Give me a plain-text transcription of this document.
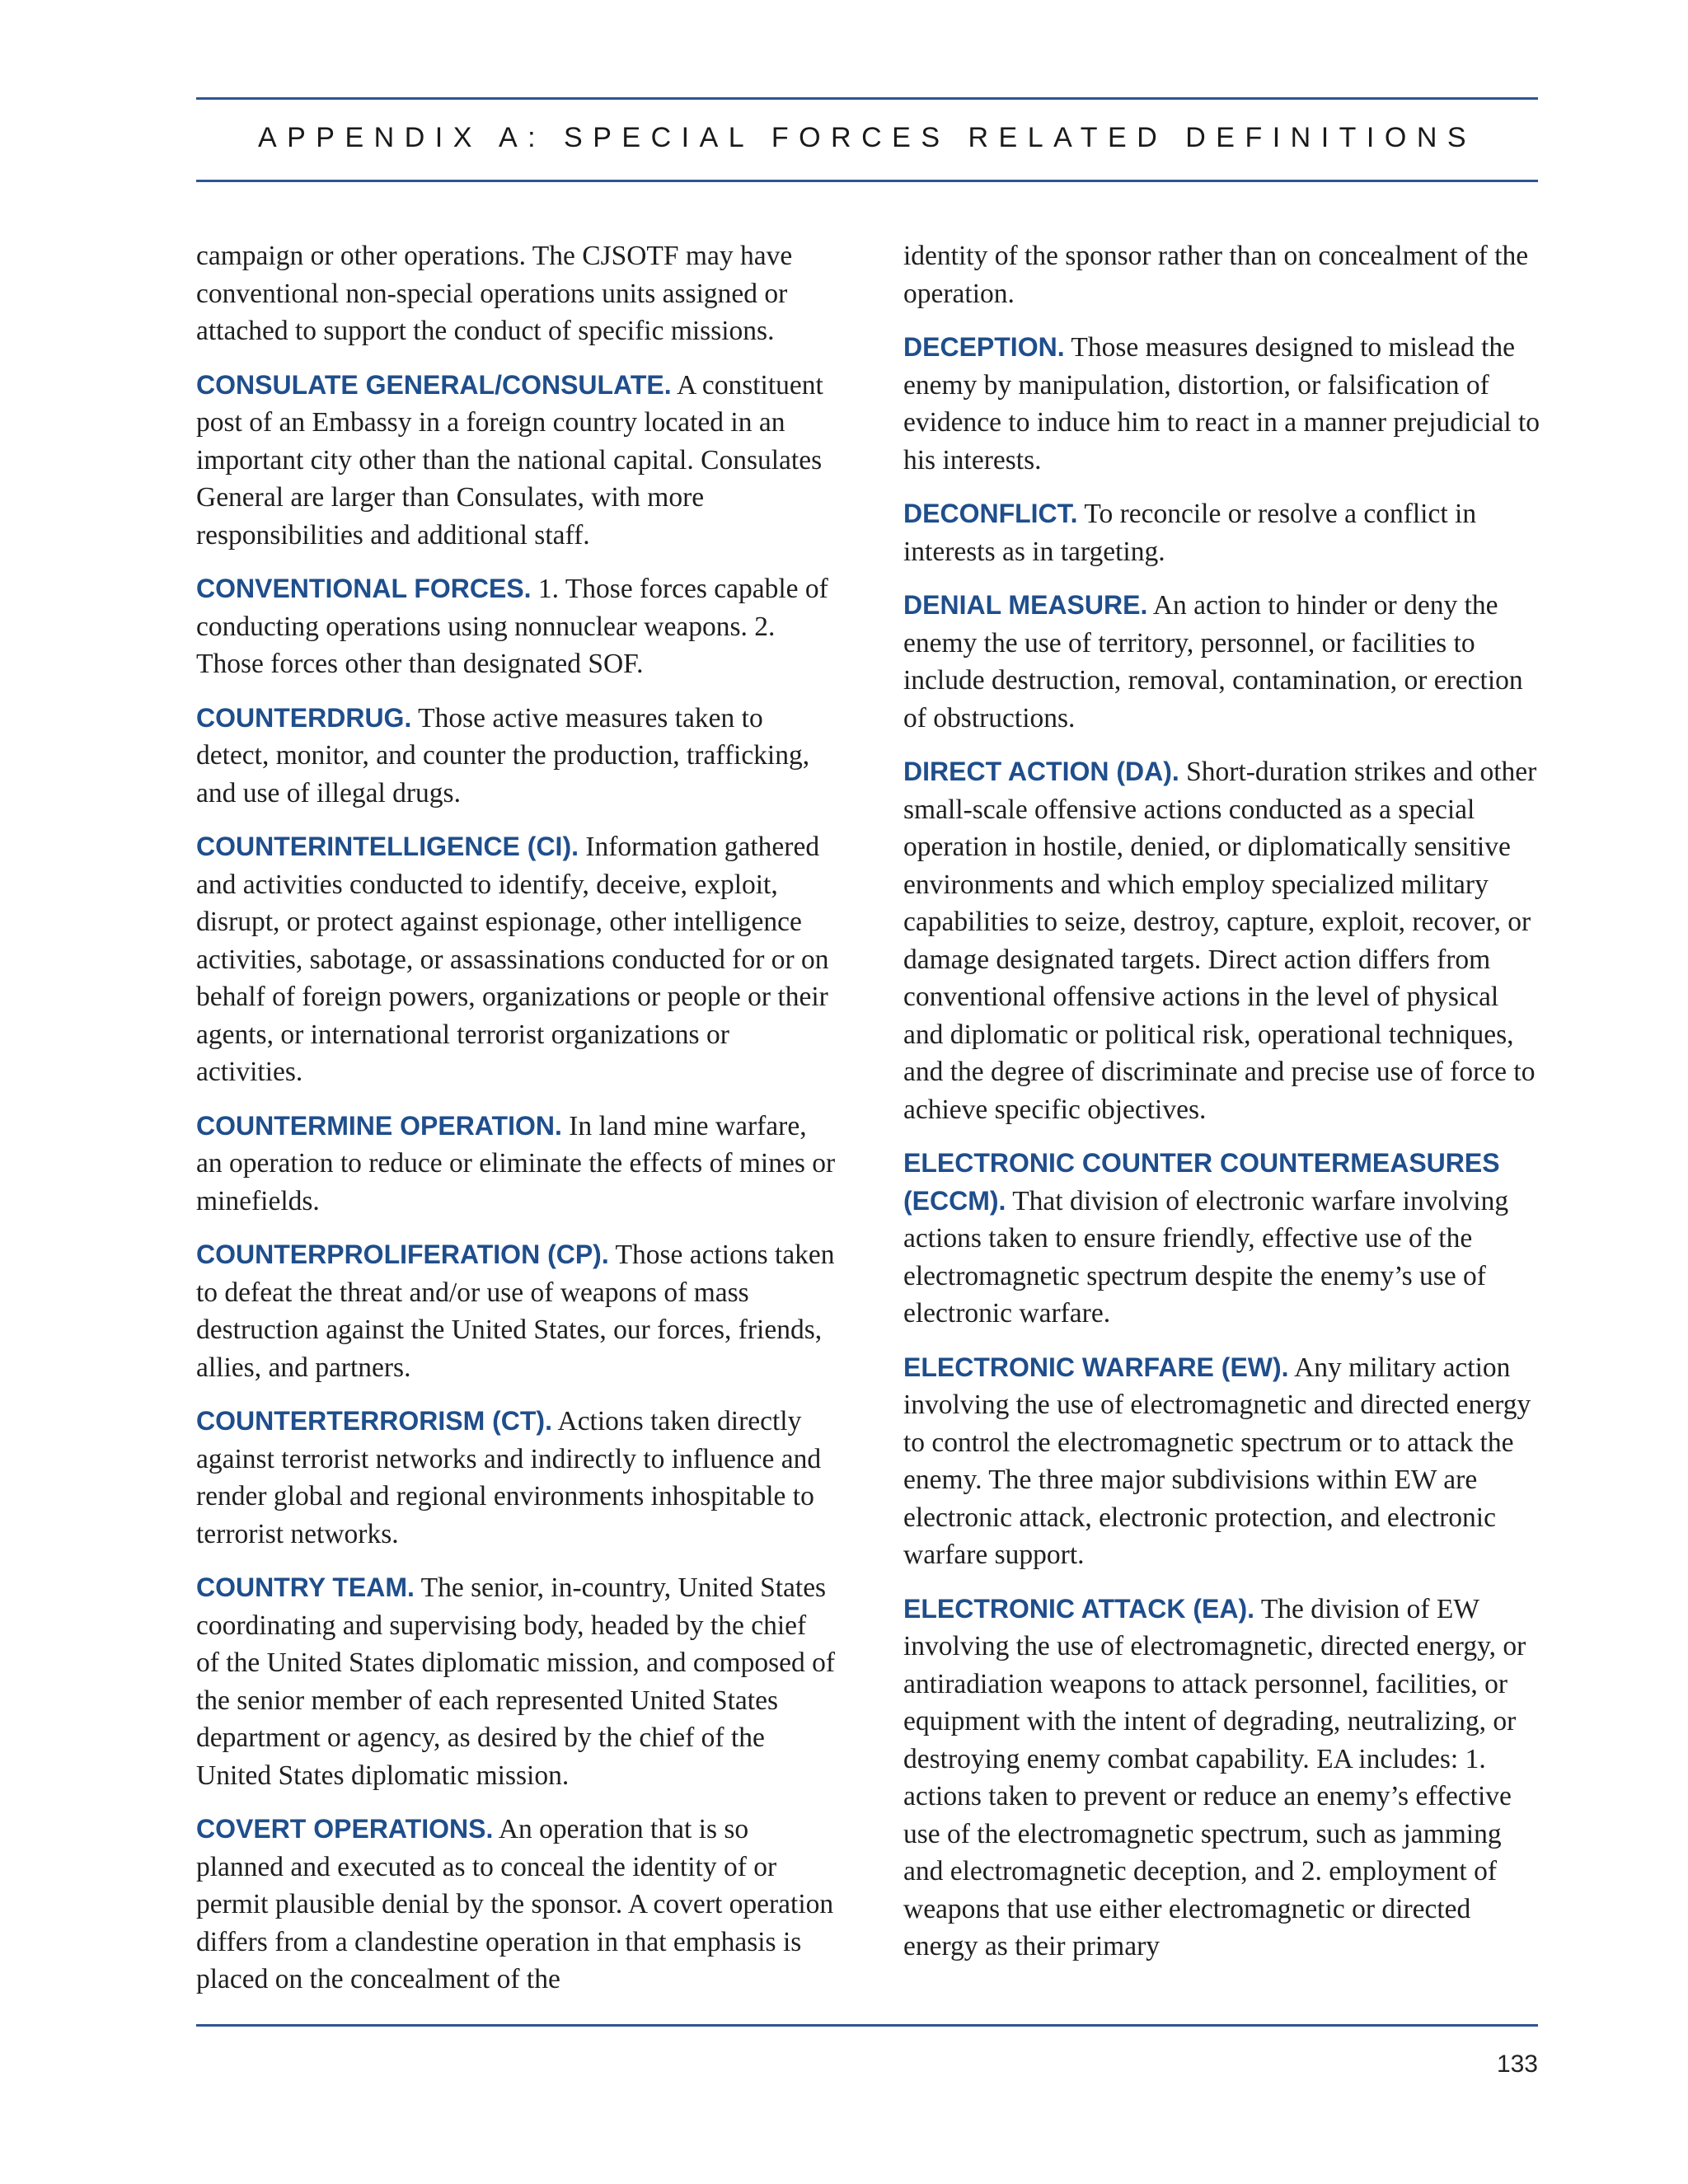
APPENDIX A: SPECIAL FORCES RELATED DEFINITIONS

campaign or other operations. The CJSOTF may have conventional non-special operations units assigned or attached to support the conduct of specific missions.

CONSULATE GENERAL/CONSULATE. A constituent post of an Embassy in a foreign country located in an important city other than the national capital. Consulates General are larger than Consulates, with more responsibilities and additional staff.

CONVENTIONAL FORCES. 1. Those forces capable of conducting operations using nonnuclear weapons. 2. Those forces other than designated SOF.

COUNTERDRUG. Those active measures taken to detect, monitor, and counter the production, trafficking, and use of illegal drugs.

COUNTERINTELLIGENCE (CI). Information gathered and activities conducted to identify, deceive, exploit, disrupt, or protect against espionage, other intelligence activities, sabotage, or assassinations conducted for or on behalf of foreign powers, organizations or people or their agents, or international terrorist organizations or activities.

COUNTERMINE OPERATION. In land mine warfare, an operation to reduce or eliminate the effects of mines or minefields.

COUNTERPROLIFERATION (CP). Those actions taken to defeat the threat and/or use of weapons of mass destruction against the United States, our forces, friends, allies, and partners.

COUNTERTERRORISM (CT). Actions taken directly against terrorist networks and indirectly to influence and render global and regional environments inhospitable to terrorist networks.

COUNTRY TEAM. The senior, in-country, United States coordinating and supervising body, headed by the chief of the United States diplomatic mission, and composed of the senior member of each represented United States department or agency, as desired by the chief of the United States diplomatic mission.

COVERT OPERATIONS. An operation that is so planned and executed as to conceal the identity of or permit plausible denial by the sponsor. A covert operation differs from a clandestine operation in that emphasis is placed on the concealment of the

identity of the sponsor rather than on concealment of the operation.

DECEPTION. Those measures designed to mislead the enemy by manipulation, distortion, or falsification of evidence to induce him to react in a manner prejudicial to his interests.

DECONFLICT. To reconcile or resolve a conflict in interests as in targeting.

DENIAL MEASURE. An action to hinder or deny the enemy the use of territory, personnel, or facilities to include destruction, removal, contamination, or erection of obstructions.

DIRECT ACTION (DA). Short-duration strikes and other small-scale offensive actions conducted as a special operation in hostile, denied, or diplomatically sensitive environments and which employ specialized military capabilities to seize, destroy, capture, exploit, recover, or damage designated targets. Direct action differs from conventional offensive actions in the level of physical and diplomatic or political risk, operational techniques, and the degree of discriminate and precise use of force to achieve specific objectives.

ELECTRONIC COUNTER COUNTERMEASURES (ECCM). That division of electronic warfare involving actions taken to ensure friendly, effective use of the electromagnetic spectrum despite the enemy’s use of electronic warfare.

ELECTRONIC WARFARE (EW). Any military action involving the use of electromagnetic and directed energy to control the electromagnetic spectrum or to attack the enemy. The three major subdivisions within EW are electronic attack, electronic protection, and electronic warfare support.

ELECTRONIC ATTACK (EA). The division of EW involving the use of electromagnetic, directed energy, or antiradiation weapons to attack personnel, facilities, or equipment with the intent of degrading, neutralizing, or destroying enemy combat capability. EA includes: 1. actions taken to prevent or reduce an enemy’s effective use of the electromagnetic spectrum, such as jamming and electromagnetic deception, and 2. employment of weapons that use either electromagnetic or directed energy as their primary

133
